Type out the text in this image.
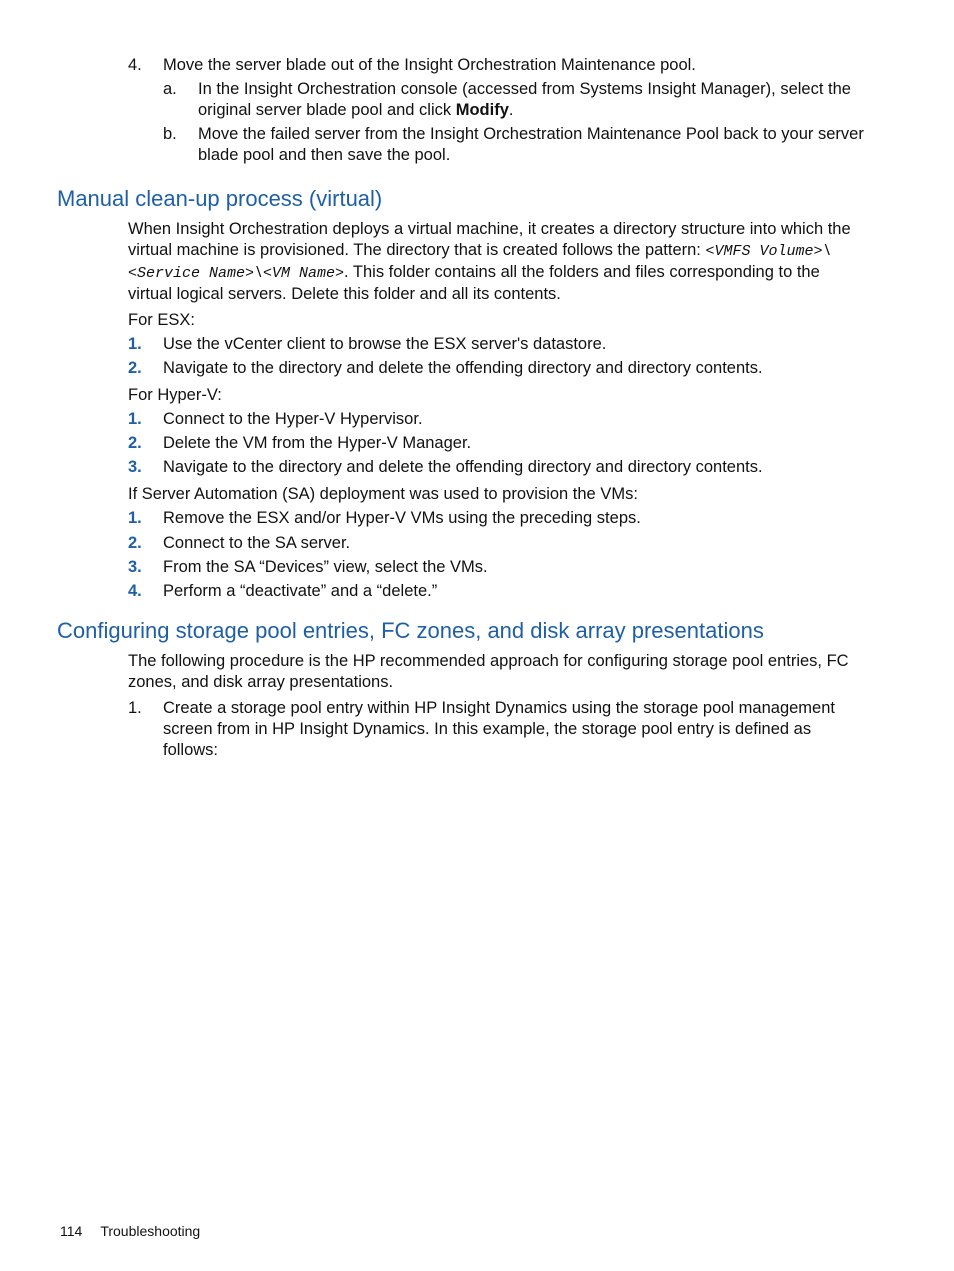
4. Move the server blade out of the Insight Orchestration Maintenance pool.
a. In the Insight Orchestration console (accessed from Systems Insight Manager), select the original server blade pool and click Modify.
b. Move the failed server from the Insight Orchestration Maintenance Pool back to your server blade pool and then save the pool.
Manual clean-up process (virtual)
When Insight Orchestration deploys a virtual machine, it creates a directory structure into which the virtual machine is provisioned. The directory that is created follows the pattern: <VMFS Volume>\<Service Name>\<VM Name>. This folder contains all the folders and files corresponding to the virtual logical servers. Delete this folder and all its contents.
For ESX:
1. Use the vCenter client to browse the ESX server's datastore.
2. Navigate to the directory and delete the offending directory and directory contents.
For Hyper-V:
1. Connect to the Hyper-V Hypervisor.
2. Delete the VM from the Hyper-V Manager.
3. Navigate to the directory and delete the offending directory and directory contents.
If Server Automation (SA) deployment was used to provision the VMs:
1. Remove the ESX and/or Hyper-V VMs using the preceding steps.
2. Connect to the SA server.
3. From the SA “Devices” view, select the VMs.
4. Perform a “deactivate” and a “delete.”
Configuring storage pool entries, FC zones, and disk array presentations
The following procedure is the HP recommended approach for configuring storage pool entries, FC zones, and disk array presentations.
1. Create a storage pool entry within HP Insight Dynamics using the storage pool management screen from in HP Insight Dynamics. In this example, the storage pool entry is defined as follows:
114 Troubleshooting
